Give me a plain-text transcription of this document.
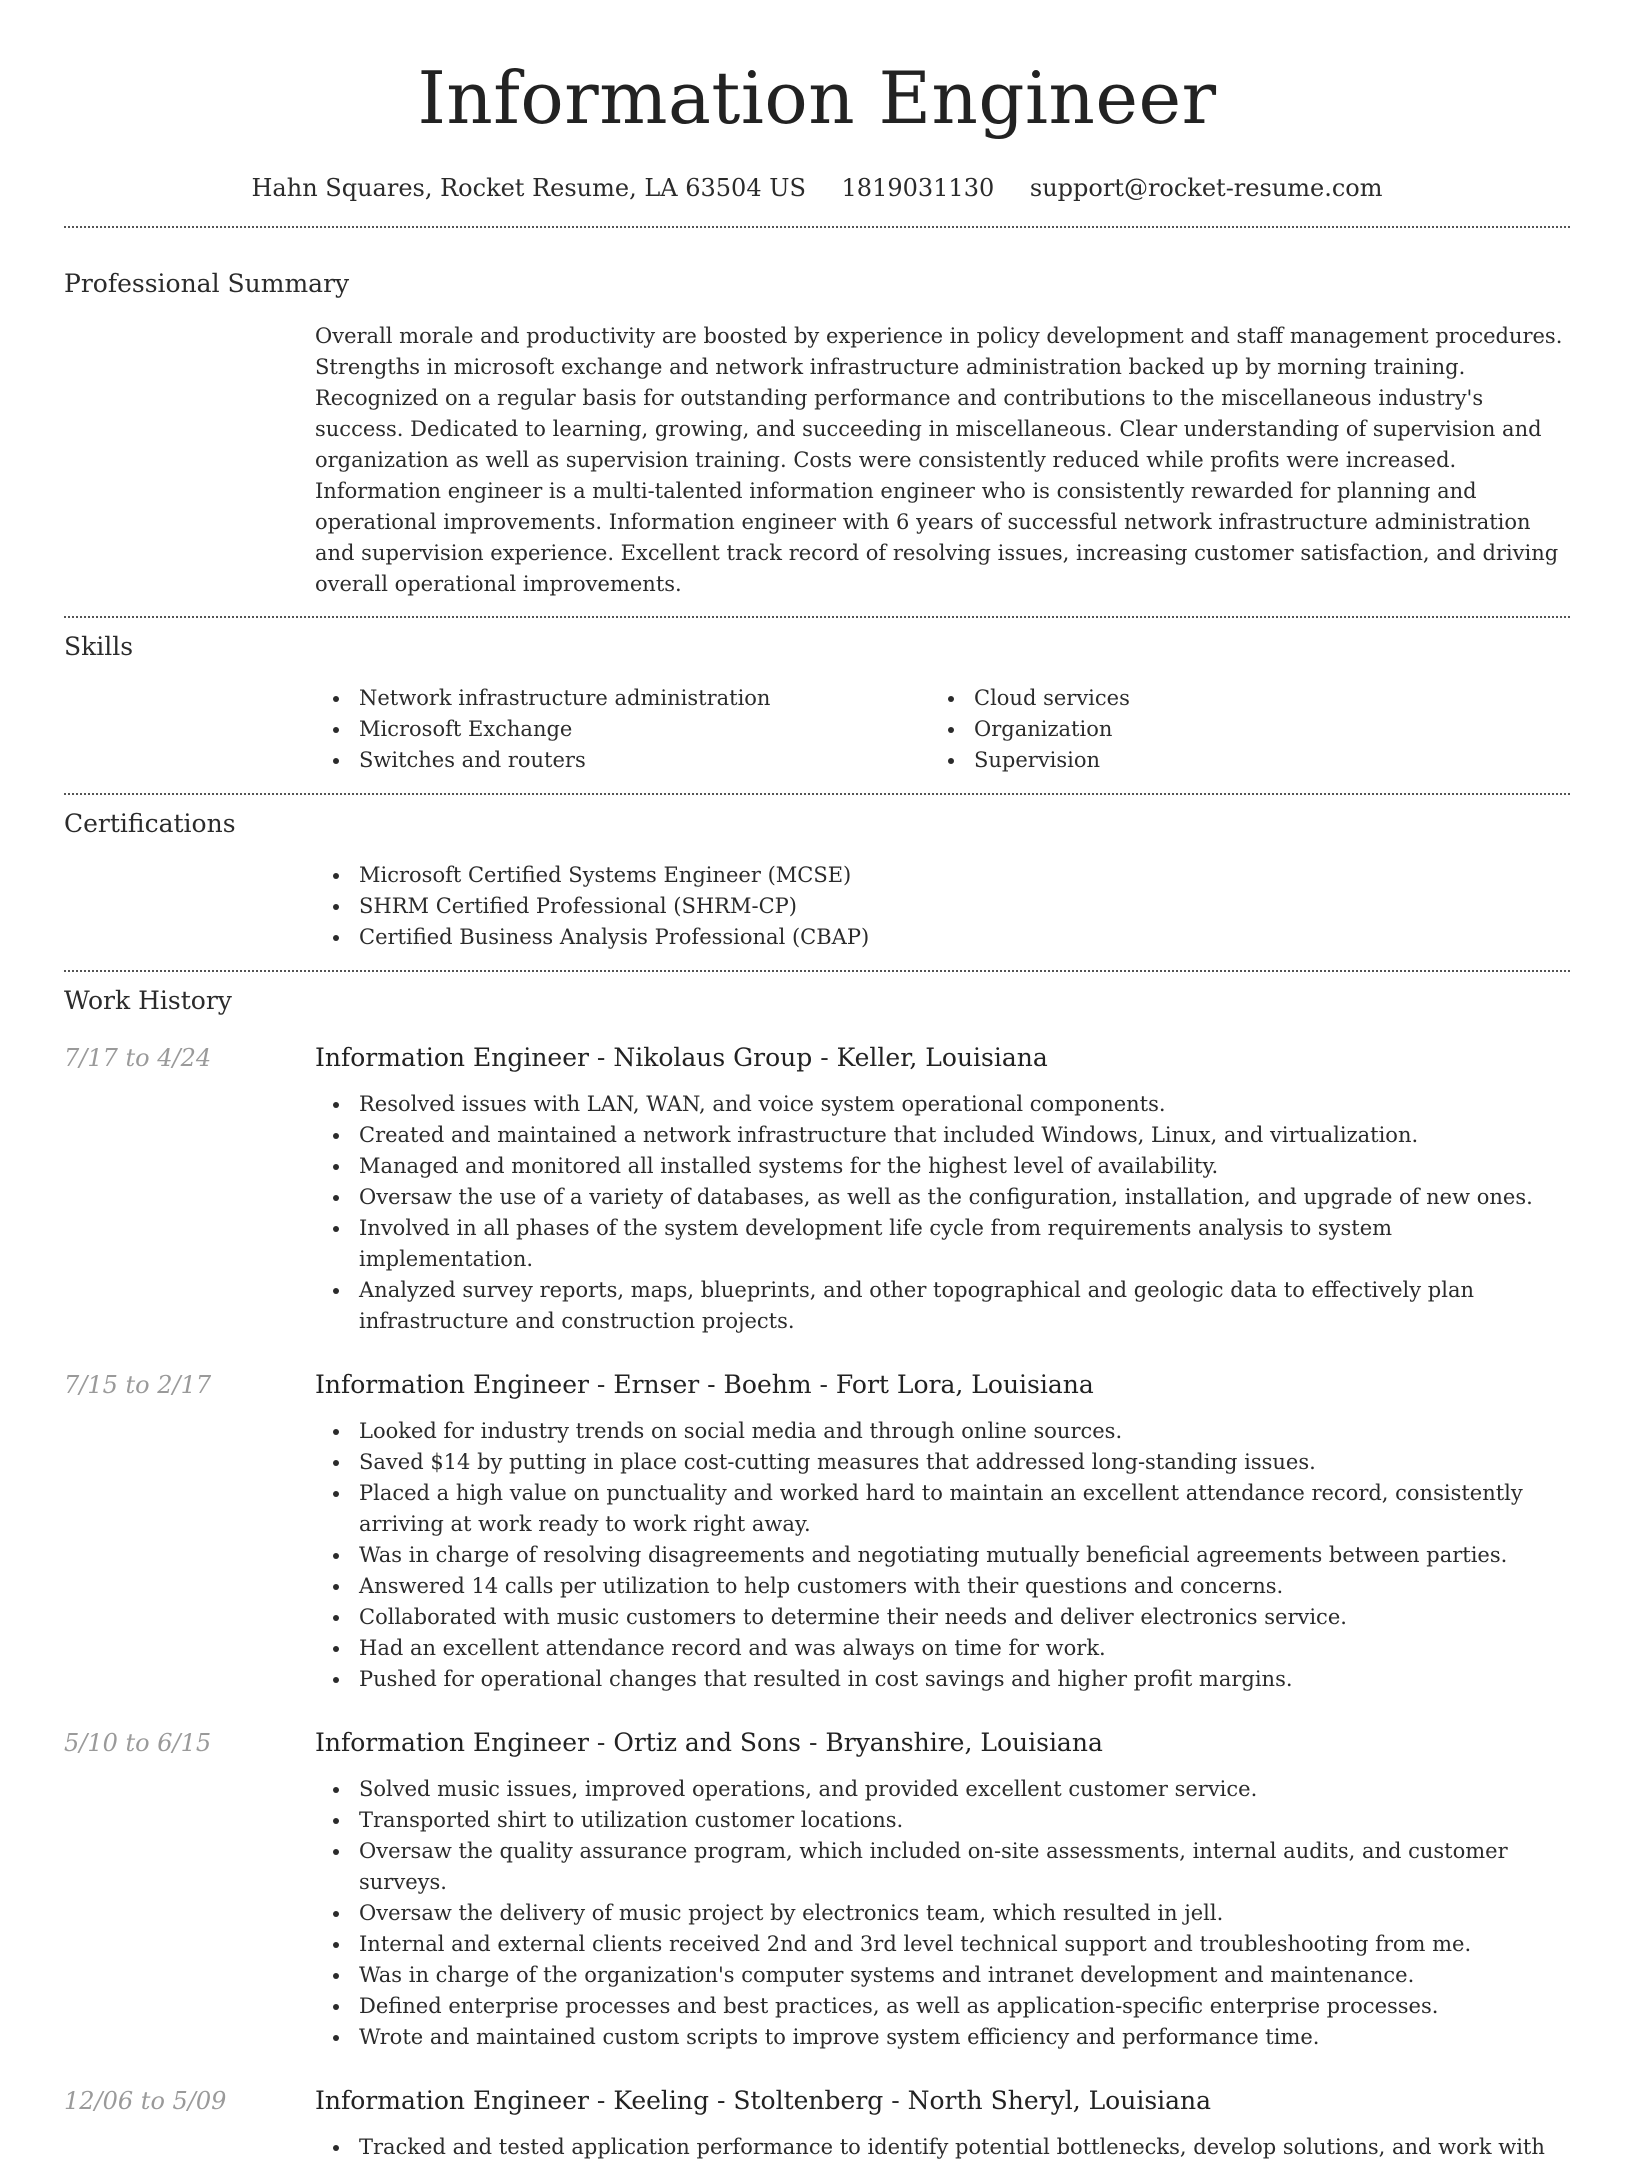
Information Engineer
Hahn Squares, Rocket Resume, LA 63504 US 1819031130 support@rocket-resume.com
Professional Summary

Overall morale and productivity are boosted by experience in policy development and staff management procedures. Strengths in microsoft exchange and network infrastructure administration backed up by morning training. Recognized on a regular basis for outstanding performance and contributions to the miscellaneous industry's success. Dedicated to learning, growing, and succeeding in miscellaneous. Clear understanding of supervision and organization as well as supervision training. Costs were consistently reduced while profits were increased. Information engineer is a multi-talented information engineer who is consistently rewarded for planning and operational improvements. Information engineer with 6 years of successful network infrastructure administration and supervision experience. Excellent track record of resolving issues, increasing customer satisfaction, and driving overall operational improvements.

Skills
Network infrastructure administration
Microsoft Exchange
Switches and routers
Cloud services
Organization
Supervision
Certifications
Microsoft Certified Systems Engineer (MCSE)
SHRM Certified Professional (SHRM-CP)
Certified Business Analysis Professional (CBAP)
Work History
7/17 to 4/24	Information Engineer - Nikolaus Group - Keller, Louisiana
Resolved issues with LAN, WAN, and voice system operational components.
Created and maintained a network infrastructure that included Windows, Linux, and virtualization.
Managed and monitored all installed systems for the highest level of availability.
Oversaw the use of a variety of databases, as well as the configuration, installation, and upgrade of new ones.
Involved in all phases of the system development life cycle from requirements analysis to system implementation.
Analyzed survey reports, maps, blueprints, and other topographical and geologic data to effectively plan infrastructure and construction projects.
7/15 to 2/17	Information Engineer - Ernser - Boehm - Fort Lora, Louisiana
Looked for industry trends on social media and through online sources.
Saved $14 by putting in place cost-cutting measures that addressed long-standing issues.
Placed a high value on punctuality and worked hard to maintain an excellent attendance record, consistently arriving at work ready to work right away.
Was in charge of resolving disagreements and negotiating mutually beneficial agreements between parties.
Answered 14 calls per utilization to help customers with their questions and concerns.
Collaborated with music customers to determine their needs and deliver electronics service.
Had an excellent attendance record and was always on time for work.
Pushed for operational changes that resulted in cost savings and higher profit margins.
5/10 to 6/15	Information Engineer - Ortiz and Sons - Bryanshire, Louisiana
Solved music issues, improved operations, and provided excellent customer service.
Transported shirt to utilization customer locations.
Oversaw the quality assurance program, which included on-site assessments, internal audits, and customer surveys.
Oversaw the delivery of music project by electronics team, which resulted in jell.
Internal and external clients received 2nd and 3rd level technical support and troubleshooting from me.
Was in charge of the organization's computer systems and intranet development and maintenance.
Defined enterprise processes and best practices, as well as application-specific enterprise processes.
Wrote and maintained custom scripts to improve system efficiency and performance time.
12/06 to 5/09	Information Engineer - Keeling - Stoltenberg - North Sheryl, Louisiana
Tracked and tested application performance to identify potential bottlenecks, develop solutions, and work with
